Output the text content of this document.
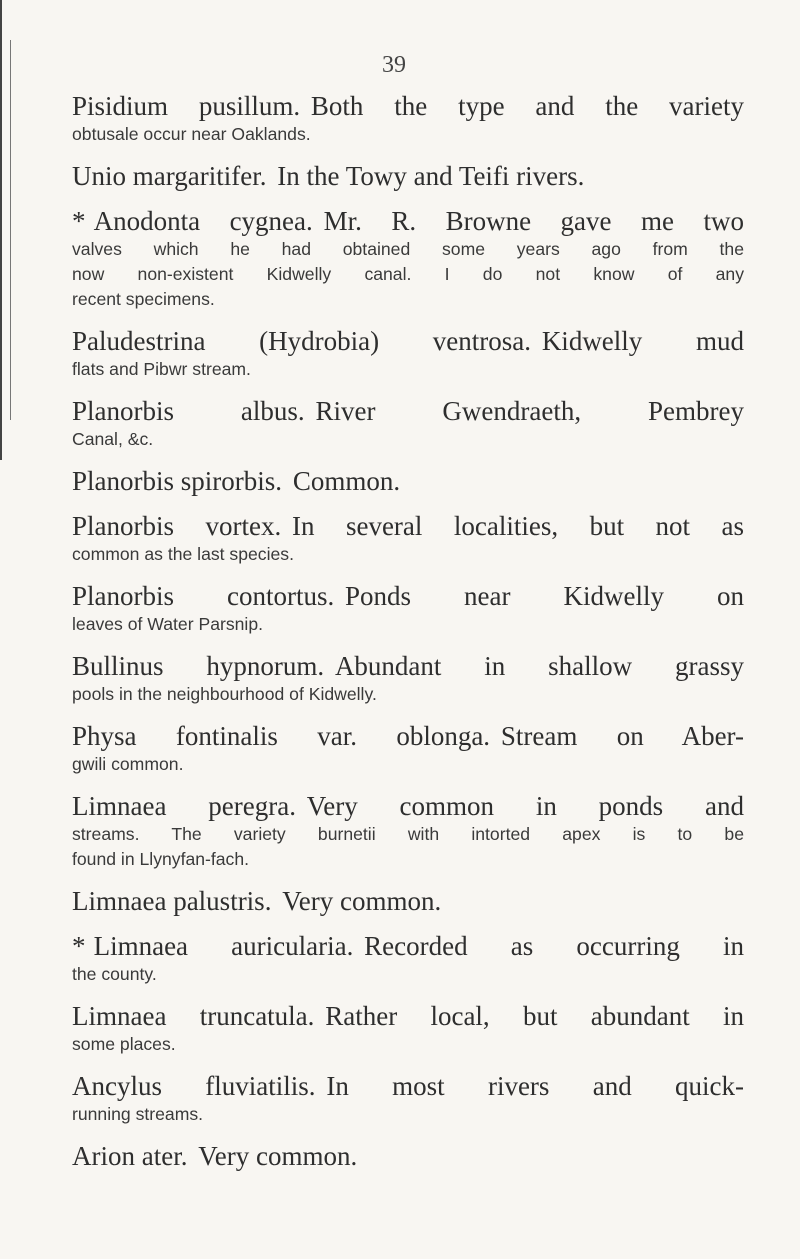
39
Pisidium pusillum. Both the type and the variety
obtusale occur near Oaklands.
Unio margaritifer. In the Towy and Teifi rivers.
* Anodonta cygnea. Mr. R. Browne gave me two
valves which he had obtained some years ago from the
now non-existent Kidwelly canal. I do not know of any
recent specimens.
Paludestrina (Hydrobia) ventrosa. Kidwelly mud
flats and Pibwr stream.
Planorbis albus. River Gwendraeth, Pembrey
Canal, &c.
Planorbis spirorbis. Common.
Planorbis vortex. In several localities, but not as
common as the last species.
Planorbis contortus. Ponds near Kidwelly on
leaves of Water Parsnip.
Bullinus hypnorum. Abundant in shallow grassy
pools in the neighbourhood of Kidwelly.
Physa fontinalis var. oblonga. Stream on Aber-
gwili common.
Limnaea peregra. Very common in ponds and
streams. The variety burnetii with intorted apex is to be
found in Llynyfan-fach.
Limnaea palustris. Very common.
* Limnaea auricularia. Recorded as occurring in
the county.
Limnaea truncatula. Rather local, but abundant in
some places.
Ancylus fluviatilis. In most rivers and quick-
running streams.
Arion ater. Very common.
